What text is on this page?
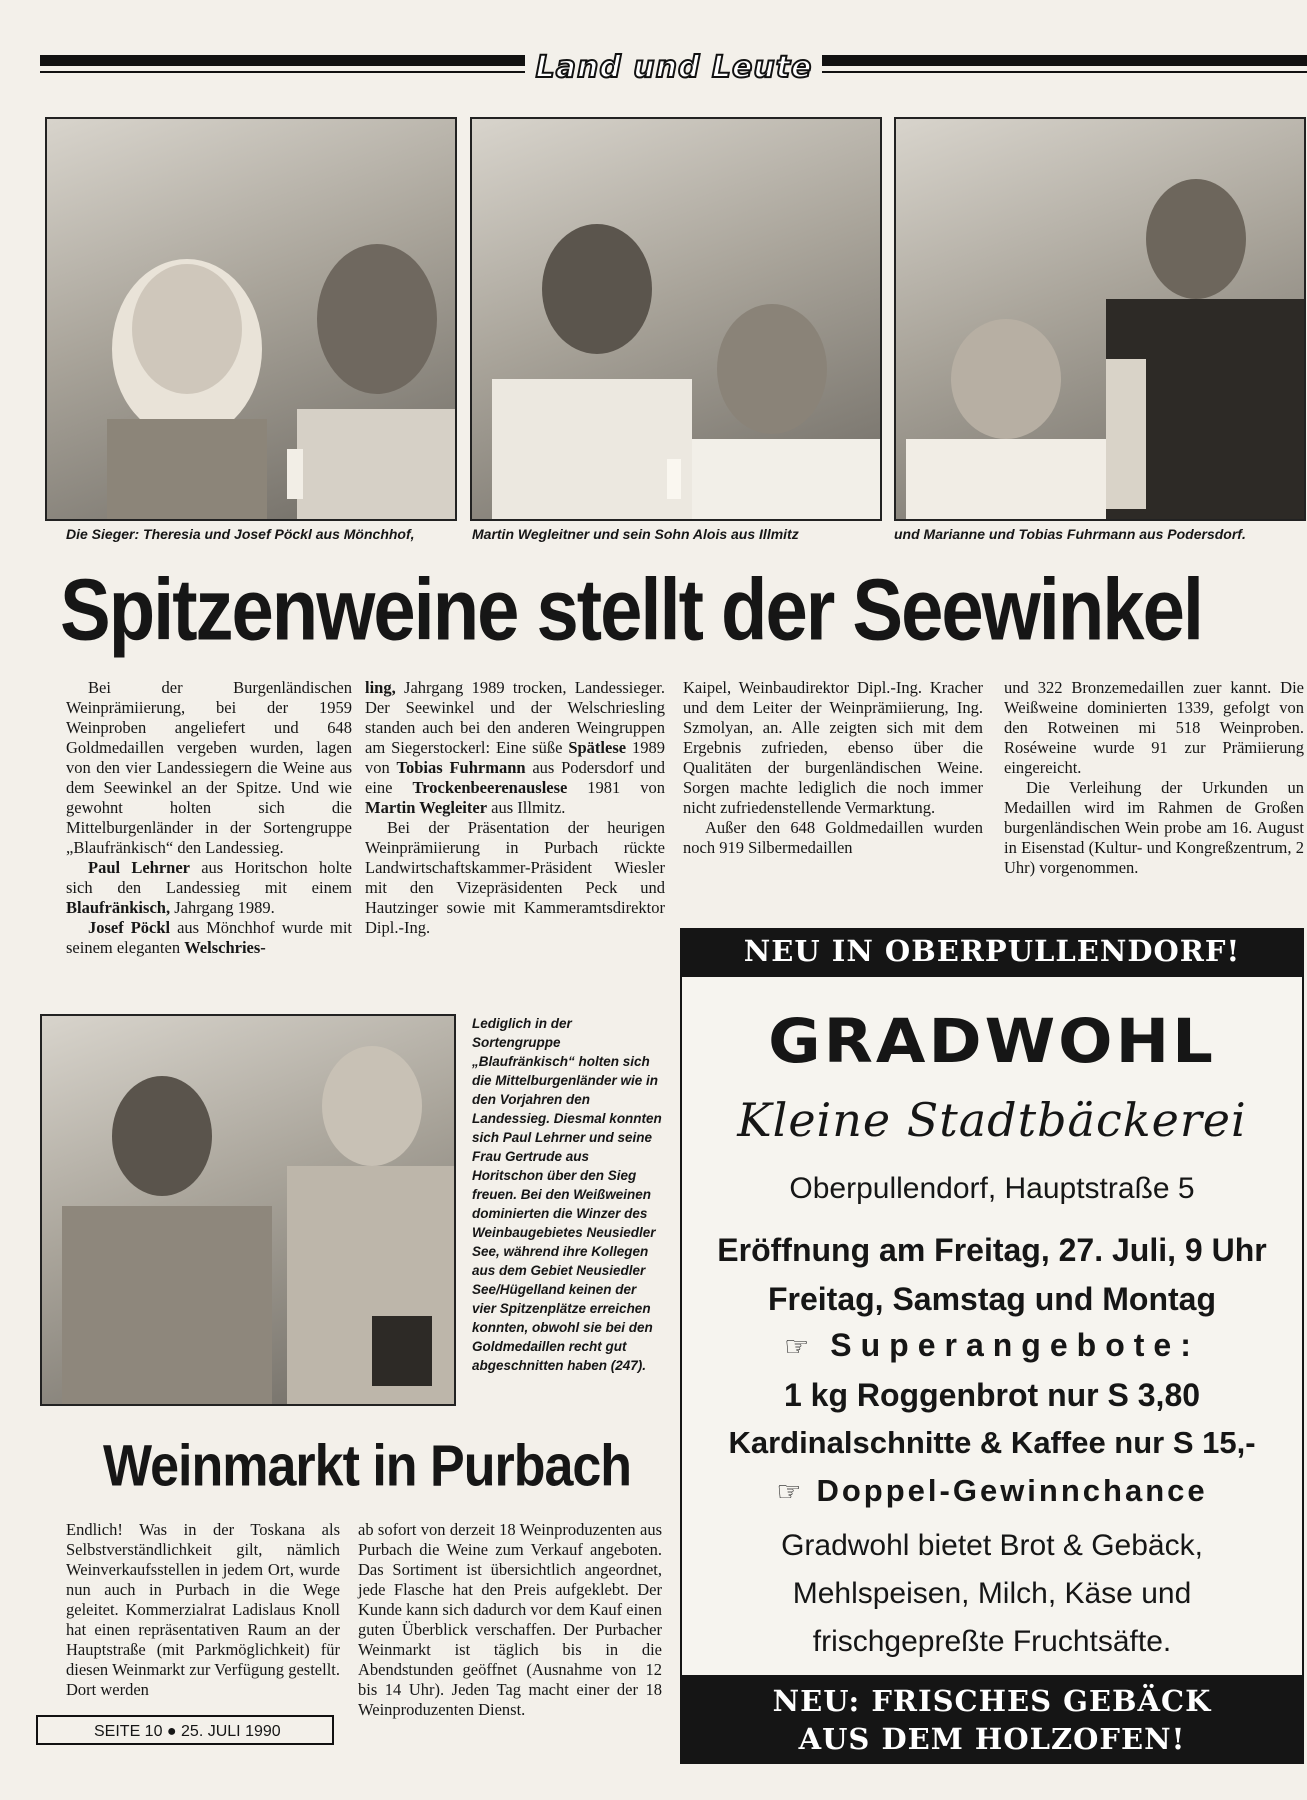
Land und Leute
Die Sieger: Theresia und Josef Pöckl aus Mönchhof,	Martin Wegleitner und sein Sohn Alois aus Illmitz	und Marianne und Tobias Fuhrmann aus Podersdorf.
Spitzenweine stellt der Seewinkel

Bei der Burgenländischen Weinprämiierung, bei der 1959 Weinproben angeliefert und 648 Goldmedaillen vergeben wurden, lagen von den vier Landessiegern die Weine aus dem Seewinkel an der Spitze. Und wie gewohnt holten sich die Mittelburgenländer in der Sortengruppe „Blaufränkisch“ den Landessieg.

Paul Lehrner aus Horitschon holte sich den Landessieg mit einem Blaufränkisch, Jahrgang 1989.

Josef Pöckl aus Mönchhof wurde mit seinem eleganten Welschries-

ling, Jahrgang 1989 trocken, Landessieger. Der Seewinkel und der Welschriesling standen auch bei den anderen Weingruppen am Siegerstockerl: Eine süße Spätlese 1989 von Tobias Fuhrmann aus Podersdorf und eine Trockenbeerenauslese 1981 von Martin Wegleiter aus Illmitz.

Bei der Präsentation der heurigen Weinprämiierung in Purbach rückte Landwirtschaftskammer-Präsident Wiesler mit den Vizepräsidenten Peck und Hautzinger sowie mit Kammeramtsdirektor Dipl.-Ing.

Kaipel, Weinbaudirektor Dipl.-Ing. Kracher und dem Leiter der Weinprämiierung, Ing. Szmolyan, an. Alle zeigten sich mit dem Ergebnis zufrieden, ebenso über die Qualitäten der burgenländischen Weine. Sorgen machte lediglich die noch immer nicht zufriedenstellende Vermarktung.

Außer den 648 Goldmedaillen wurden noch 919 Silbermedaillen

und 322 Bronzemedaillen zuer kannt. Die Weißweine dominierten 1339, gefolgt von den Rotweinen mi 518 Weinproben. Roséweine wurde 91 zur Prämiierung eingereicht.

Die Verleihung der Urkunden un Medaillen wird im Rahmen de Großen burgenländischen Wein probe am 16. August in Eisenstad (Kultur- und Kongreßzentrum, 2 Uhr) vorgenommen.

Lediglich in der Sortengruppe „Blaufränkisch“ holten sich die Mittelburgenländer wie in den Vorjahren den Landessieg. Diesmal konnten sich Paul Lehrner und seine Frau Gertrude aus Horitschon über den Sieg freuen. Bei den Weißweinen dominierten die Winzer des Weinbaugebietes Neusiedler See, während ihre Kollegen aus dem Gebiet Neusiedler See/Hügelland keinen der vier Spitzenplätze erreichen konnten, obwohl sie bei den Goldmedaillen recht gut abgeschnitten haben (247).
Weinmarkt in Purbach

Endlich! Was in der Toskana als Selbstverständlichkeit gilt, nämlich Weinverkaufsstellen in jedem Ort, wurde nun auch in Purbach in die Wege geleitet. Kommerzialrat Ladislaus Knoll hat einen repräsentativen Raum an der Hauptstraße (mit Parkmöglichkeit) für diesen Weinmarkt zur Verfügung gestellt. Dort werden

ab sofort von derzeit 18 Weinproduzenten aus Purbach die Weine zum Verkauf angeboten. Das Sortiment ist übersichtlich angeordnet, jede Flasche hat den Preis aufgeklebt. Der Kunde kann sich dadurch vor dem Kauf einen guten Überblick verschaffen. Der Purbacher Weinmarkt ist täglich bis in die Abendstunden geöffnet (Ausnahme von 12 bis 14 Uhr). Jeden Tag macht einer der 18 Weinproduzenten Dienst.

SEITE 10 ● 25. JULI 1990
NEU IN OBERPULLENDORF!
GRADWOHL
Kleine Stadtbäckerei
Oberpullendorf, Hauptstraße 5
Eröffnung am Freitag, 27. Juli, 9 Uhr
Freitag, Samstag und Montag
☞ Superangebote:
1 kg Roggenbrot nur S 3,80
Kardinalschnitte & Kaffee nur S 15,-
☞ Doppel-Gewinnchance
Gradwohl bietet Brot & Gebäck,
Mehlspeisen, Milch, Käse und
frischgepreßte Fruchtsäfte.
NEU: FRISCHES GEBÄCK
AUS DEM HOLZOFEN!
